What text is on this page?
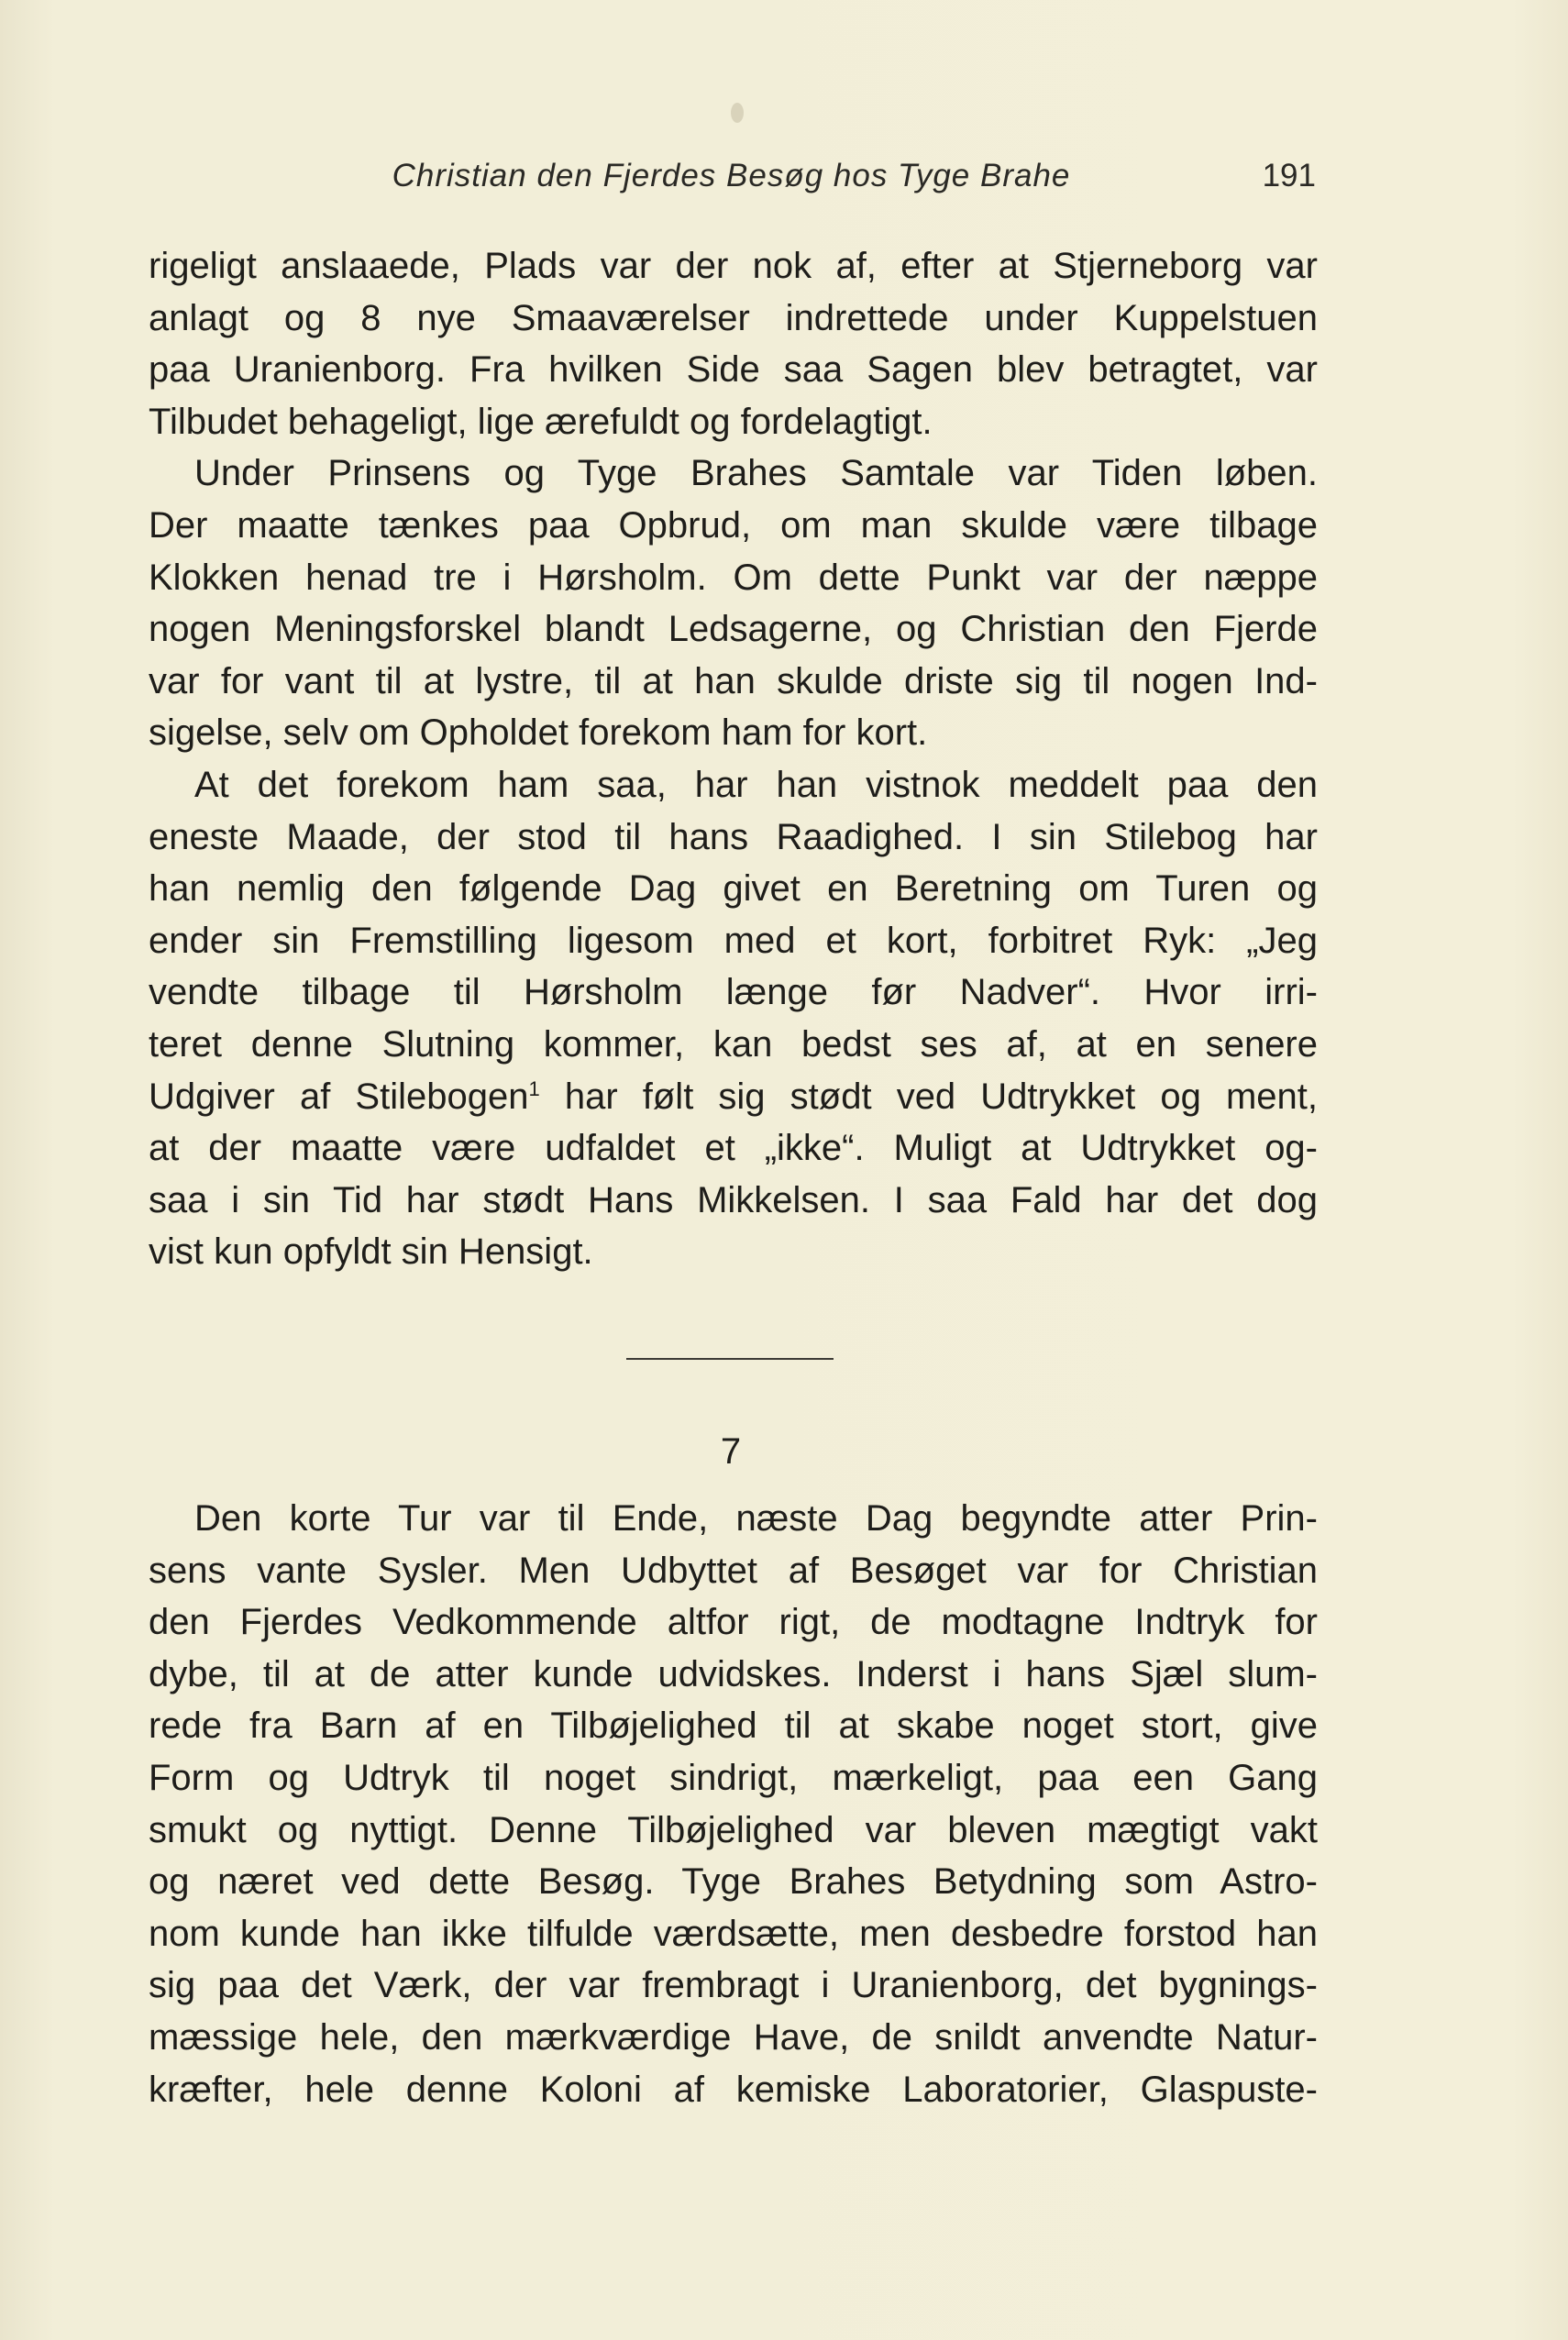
Christian den Fjerdes Besøg hos Tyge Brahe	191
rigeligt anslaaede, Plads var der nok af, efter at Stjerneborg var
anlagt og 8 nye Smaaværelser indrettede under Kuppelstuen
paa Uranienborg. Fra hvilken Side saa Sagen blev betragtet, var
Tilbudet behageligt, lige ærefuldt og fordelagtigt.
Under Prinsens og Tyge Brahes Samtale var Tiden løben.
Der maatte tænkes paa Opbrud, om man skulde være tilbage
Klokken henad tre i Hørsholm. Om dette Punkt var der næppe
nogen Meningsforskel blandt Ledsagerne, og Christian den Fjerde
var for vant til at lystre, til at han skulde driste sig til nogen Ind-
sigelse, selv om Opholdet forekom ham for kort.
At det forekom ham saa, har han vistnok meddelt paa den
eneste Maade, der stod til hans Raadighed. I sin Stilebog har
han nemlig den følgende Dag givet en Beretning om Turen og
ender sin Fremstilling ligesom med et kort, forbitret Ryk: „Jeg
vendte tilbage til Hørsholm længe før Nadver“. Hvor irri-
teret denne Slutning kommer, kan bedst ses af, at en senere
Udgiver af Stilebogen$^1$ har følt sig stødt ved Udtrykket og ment,
at der maatte være udfaldet et „ikke“. Muligt at Udtrykket og-
saa i sin Tid har stødt Hans Mikkelsen. I saa Fald har det dog
vist kun opfyldt sin Hensigt.
7
Den korte Tur var til Ende, næste Dag begyndte atter Prin-
sens vante Sysler. Men Udbyttet af Besøget var for Christian
den Fjerdes Vedkommende altfor rigt, de modtagne Indtryk for
dybe, til at de atter kunde udvidskes. Inderst i hans Sjæl slum-
rede fra Barn af en Tilbøjelighed til at skabe noget stort, give
Form og Udtryk til noget sindrigt, mærkeligt, paa een Gang
smukt og nyttigt. Denne Tilbøjelighed var bleven mægtigt vakt
og næret ved dette Besøg. Tyge Brahes Betydning som Astro-
nom kunde han ikke tilfulde værdsætte, men desbedre forstod han
sig paa det Værk, der var frembragt i Uranienborg, det bygnings-
mæssige hele, den mærkværdige Have, de snildt anvendte Natur-
kræfter, hele denne Koloni af kemiske Laboratorier, Glaspuste-
